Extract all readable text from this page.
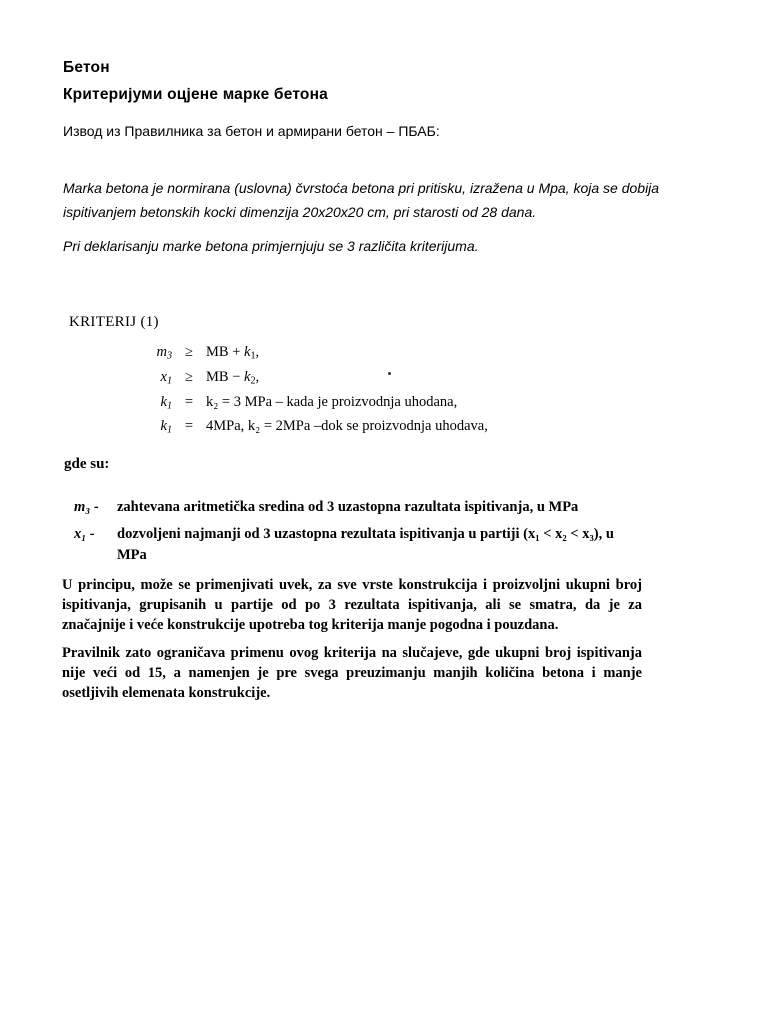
Бетон
Критеријуми оцјене марке бетона
Извод из Правилника за бетон и армирани бетон – ПБАБ:
Marka betona je normirana (uslovna) čvrstoća betona pri pritisku, izražena u Mpa, koja se dobija ispitivanjem betonskih kocki dimenzija 20x20x20 cm, pri starosti od 28 dana.
Pri deklarisanju marke betona primjernjuju se 3 različita kriterijuma.
KRITERIJ (1)
$m_3$ ≥ MB + $k_1$,
$x_1$ ≥ MB − $k_2$,
$k_1 = k_2 = 3$ MPa – kada je proizvodnja uhodana,
$k_1 = 4MPa$, k₂ = 2MPa –dok se proizvodnja uhodava,
gde su:
m₃ - zahtevana aritmetička sredina od 3 uzastopna razultata ispitivanja, u MPa
x₁ - dozvoljeni najmanji od 3 uzastopna rezultata ispitivanja u partiji (x₁ < x₂ < x₃), u MPa
U principu, može se primenjivati uvek, za sve vrste konstrukcija i proizvoljni ukupni broj ispitivanja, grupisanih u partije od po 3 rezultata ispitivanja, ali se smatra, da je za značajnije i veće konstrukcije upotreba tog kriterija manje pogodna i pouzdana.
Pravilnik zato ograničava primenu ovog kriterija na slučajeve, gde ukupni broj ispitivanja nije veći od 15, a namenjen je pre svega preuzimanju manjih količina betona i manje osetljivih elemenata konstrukcije.
